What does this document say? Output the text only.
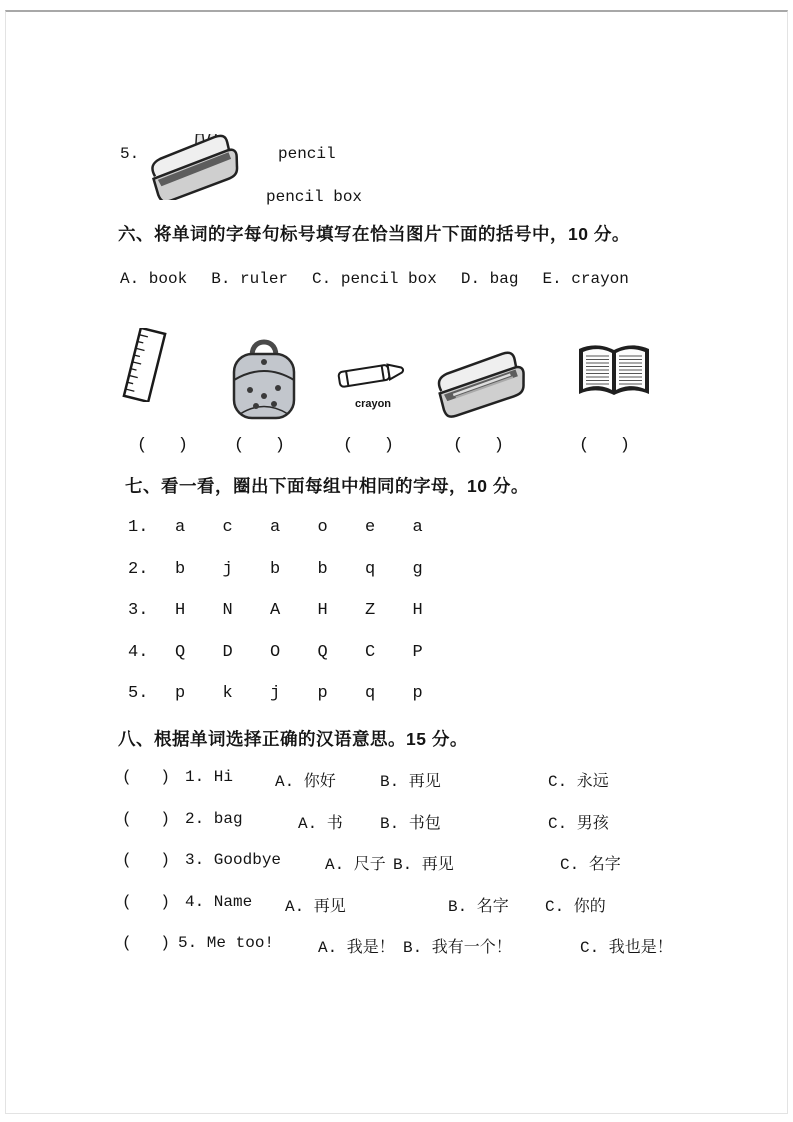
5.	pencil
pencil box
六、将单词的字每句标号填写在恰当图片下面的括号中，10 分。
A. book B. ruler C. pencil box D. bag E. crayon
crayon
(   )	(   )	(   )	(   )	(   )
七、看一看，圈出下面每组中相同的字母，10 分。
1.	a	c	a	o	e	a
2.	b	j	b	b	q	g
3.	H	N	A	H	Z	H
4.	Q	D	O	Q	C	P
5.	p	k	j	p	q	p
八、根据单词选择正确的汉语意思。15 分。
(   ) 1. Hi	A. 你好	B. 再见	C. 永远
(   ) 2. bag	A. 书 B. 书包	C. 男孩
(   ) 3. Goodbye	A. 尺子 B. 再见	C. 名字
(   ) 4. Name A. 再见	B. 名字 C. 你的
(   ) 5. Me too!	A. 我是！ B. 我有一个！	C. 我也是！
